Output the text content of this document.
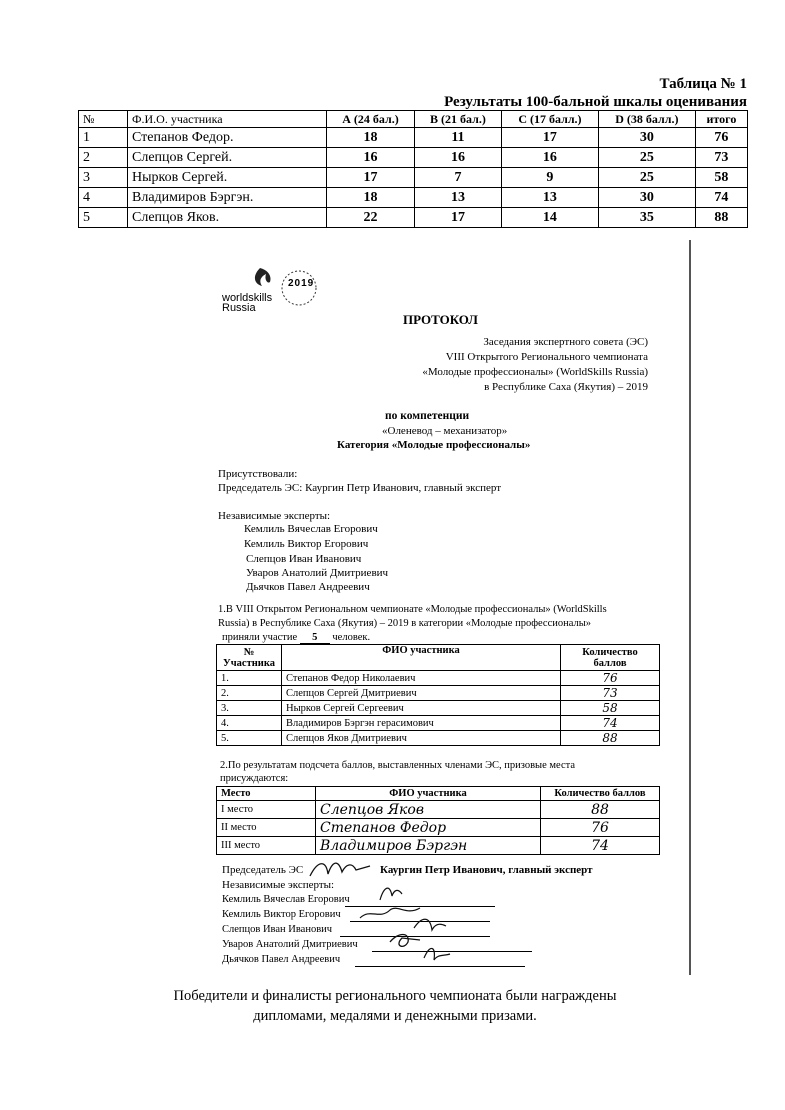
Таблица № 1
Результаты 100-бальной шкалы оценивания
№	Ф.И.О. участника	А (24 бал.)	В (21 бал.)	С (17 балл.)	D (38 балл.)	итого
1	Степанов Федор.	18	11	17	30	76
2	Слепцов Сергей.	16	16	16	25	73
3	Нырков Сергей.	17	7	9	25	58
4	Владимиров Бэргэн.	18	13	13	30	74
5	Слепцов Яков.	22	17	14	35	88
worldskills
Russia
2019
ПРОТОКОЛ
Заседания экспертного совета (ЭС)
VIII Открытого Регионального чемпионата
«Молодые профессионалы» (WorldSkills Russia)
в Республике Саха (Якутия) – 2019
по компетенции
«Оленевод – механизатор»
Категория «Молодые профессионалы»
Присутствовали:
Председатель ЭС: Каургин Петр Иванович, главный эксперт
Независимые эксперты:
Кемлиль Вячеслав Егорович
Кемлиль Виктор Егорович
Слепцов Иван Иванович
Уваров Анатолий Дмитриевич
Дьячков Павел Андреевич
1.В VIII Открытом Региональном чемпионате «Молодые профессионалы» (WorldSkills
Russia) в Республике Саха (Якутия) – 2019 в категории «Молодые профессионалы»
приняли участие 5 человек.
№ Участника	ФИО участника	Количество баллов
1.	Степанов Федор Николаевич	76
2.	Слепцов Сергей Дмитриевич	73
3.	Нырков Сергей Сергеевич	58
4.	Владимиров Бэргэн герасимович	74
5.	Слепцов Яков Дмитриевич	88
2.По результатам подсчета баллов, выставленных членами ЭС, призовые места
присуждаются:
Место	ФИО участника	Количество баллов
I место	Слепцов Яков	88
II место	Степанов Федор	76
III место	Владимиров Бэргэн	74
Председатель ЭС	Каургин Петр Иванович, главный эксперт
Независимые эксперты:
Кемлиль Вячеслав Егорович
Кемлиль Виктор Егорович
Слепцов Иван Иванович
Уваров Анатолий Дмитриевич
Дьячков Павел Андреевич
Победители и финалисты регионального чемпионата были награждены
дипломами, медалями и денежными призами.
